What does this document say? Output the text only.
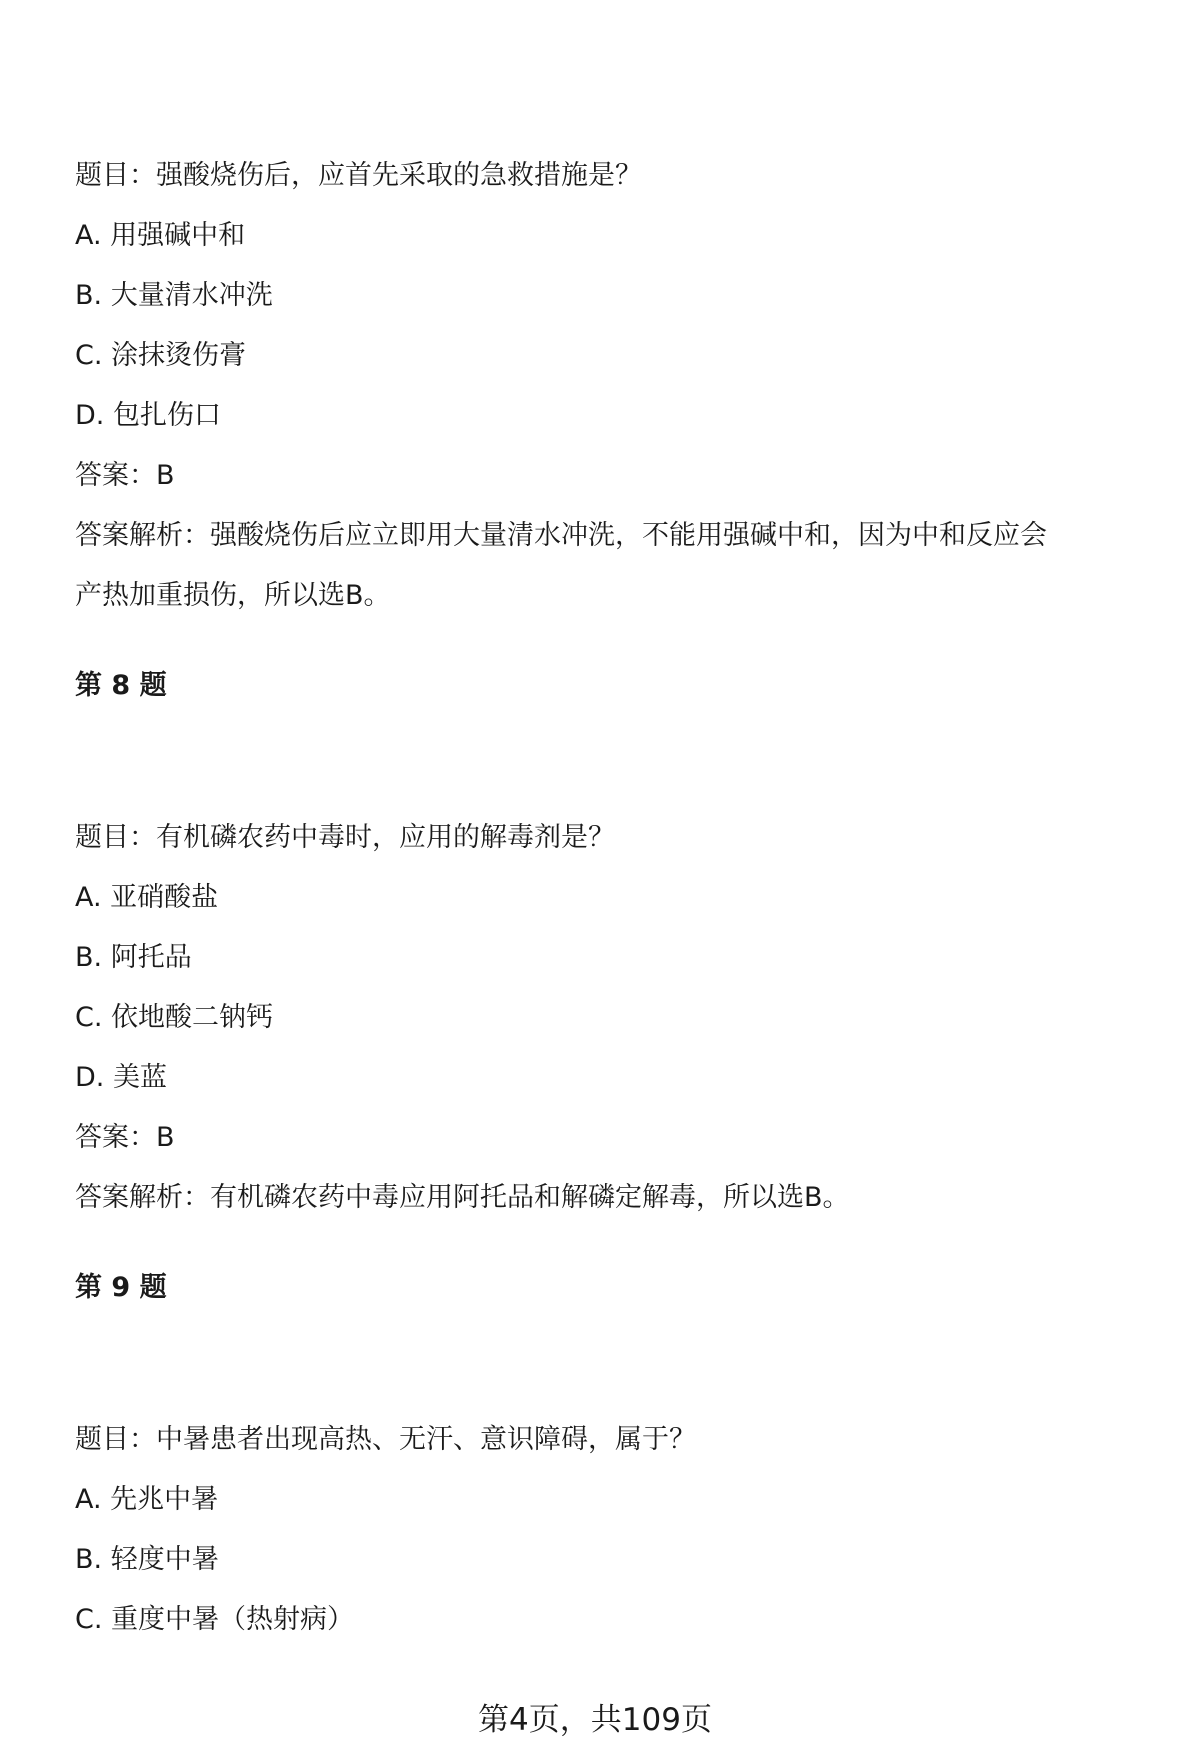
题目：强酸烧伤后，应首先采取的急救措施是？
A. 用强碱中和
B. 大量清水冲洗
C. 涂抹烫伤膏
D. 包扎伤口
答案：B
答案解析：强酸烧伤后应立即用大量清水冲洗，不能用强碱中和，因为中和反应会
产热加重损伤，所以选B。
第 8 题
题目：有机磷农药中毒时，应用的解毒剂是？
A. 亚硝酸盐
B. 阿托品
C. 依地酸二钠钙
D. 美蓝
答案：B
答案解析：有机磷农药中毒应用阿托品和解磷定解毒，所以选B。
第 9 题
题目：中暑患者出现高热、无汗、意识障碍，属于？
A. 先兆中暑
B. 轻度中暑
C. 重度中暑（热射病）
第4页，共109页
